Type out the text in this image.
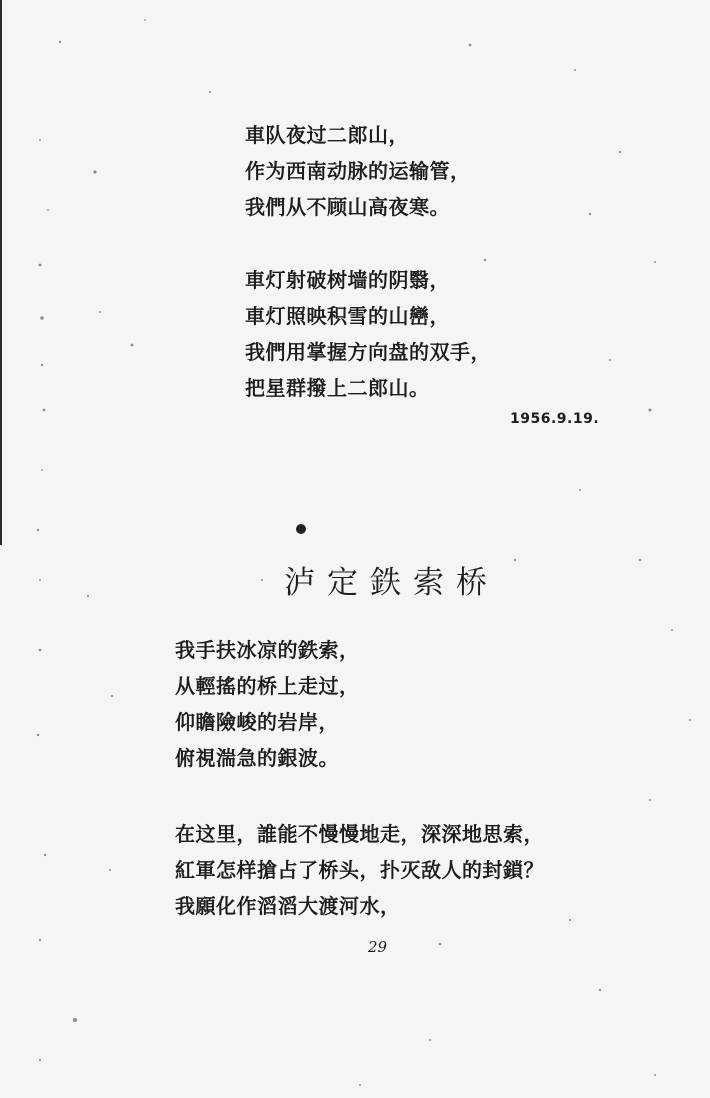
車队夜过二郎山，
作为西南动脉的运输管，
我們从不顾山高夜寒。
車灯射破树墙的阴翳，
車灯照映积雪的山巒，
我們用掌握方向盘的双手，
把星群撥上二郎山。
1956.9.19.
泸定鉄索桥
我手扶冰凉的鉄索，
从輕搖的桥上走过，
仰瞻險峻的岩岸，
俯視湍急的銀波。
在这里，誰能不慢慢地走，深深地思索，
紅軍怎样搶占了桥头，扑灭敌人的封鎖？
我願化作滔滔大渡河水，
29
